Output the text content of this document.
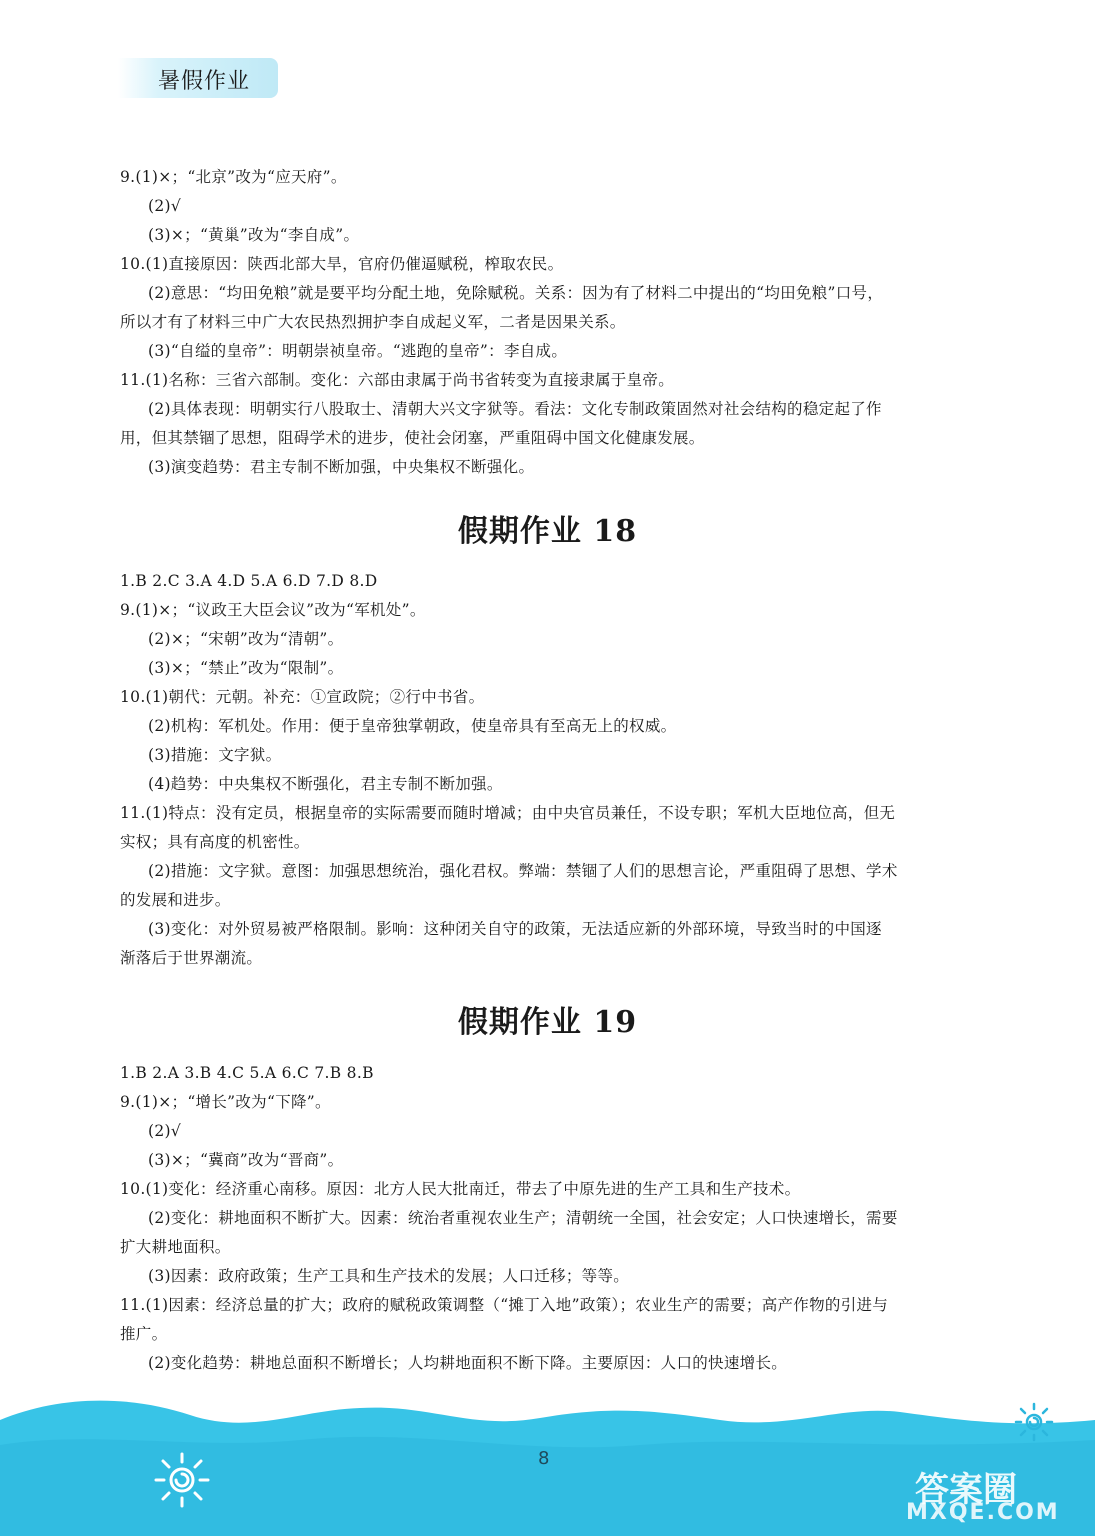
暑假作业
9.(1)×；“北京”改为“应天府”。
(2)√
(3)×；“黄巢”改为“李自成”。
10.(1)直接原因：陕西北部大旱，官府仍催逼赋税，榨取农民。
(2)意思：“均田免粮”就是要平均分配土地，免除赋税。关系：因为有了材料二中提出的“均田免粮”口号，
所以才有了材料三中广大农民热烈拥护李自成起义军，二者是因果关系。
(3)“自缢的皇帝”：明朝崇祯皇帝。“逃跑的皇帝”：李自成。
11.(1)名称：三省六部制。变化：六部由隶属于尚书省转变为直接隶属于皇帝。
(2)具体表现：明朝实行八股取士、清朝大兴文字狱等。看法：文化专制政策固然对社会结构的稳定起了作
用，但其禁锢了思想，阻碍学术的进步，使社会闭塞，严重阻碍中国文化健康发展。
(3)演变趋势：君主专制不断加强，中央集权不断强化。
假期作业 18
1.B 2.C 3.A 4.D 5.A 6.D 7.D 8.D
9.(1)×；“议政王大臣会议”改为“军机处”。
(2)×；“宋朝”改为“清朝”。
(3)×；“禁止”改为“限制”。
10.(1)朝代：元朝。补充：①宣政院；②行中书省。
(2)机构：军机处。作用：便于皇帝独掌朝政，使皇帝具有至高无上的权威。
(3)措施：文字狱。
(4)趋势：中央集权不断强化，君主专制不断加强。
11.(1)特点：没有定员，根据皇帝的实际需要而随时增减；由中央官员兼任，不设专职；军机大臣地位高，但无
实权；具有高度的机密性。
(2)措施：文字狱。意图：加强思想统治，强化君权。弊端：禁锢了人们的思想言论，严重阻碍了思想、学术
的发展和进步。
(3)变化：对外贸易被严格限制。影响：这种闭关自守的政策，无法适应新的外部环境，导致当时的中国逐
渐落后于世界潮流。
假期作业 19
1.B 2.A 3.B 4.C 5.A 6.C 7.B 8.B
9.(1)×；“增长”改为“下降”。
(2)√
(3)×；“冀商”改为“晋商”。
10.(1)变化：经济重心南移。原因：北方人民大批南迁，带去了中原先进的生产工具和生产技术。
(2)变化：耕地面积不断扩大。因素：统治者重视农业生产；清朝统一全国，社会安定；人口快速增长，需要
扩大耕地面积。
(3)因素：政府政策；生产工具和生产技术的发展；人口迁移；等等。
11.(1)因素：经济总量的扩大；政府的赋税政策调整（“摊丁入地”政策）；农业生产的需要；高产作物的引进与
推广。
(2)变化趋势：耕地总面积不断增长；人均耕地面积不断下降。主要原因：人口的快速增长。
8
答案圈
MXQE.COM
